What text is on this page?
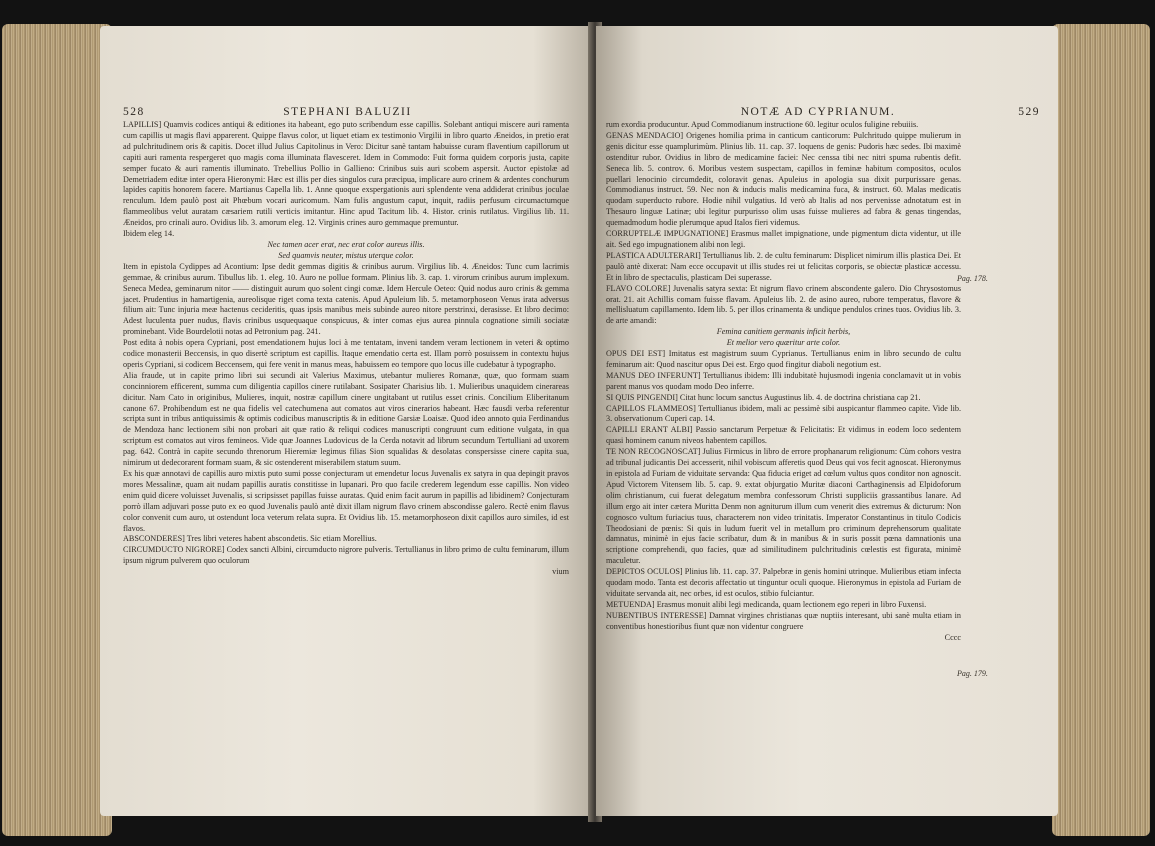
528	STEPHANI BALUZII

LAPILLIS] Quamvis codices antiqui & editiones ita habeant, ego puto scribendum esse capillis. Solebant antiqui miscere auri ramenta cum capillis ut magis flavi apparerent. Quippe flavus color, ut liquet etiam ex testimonio Virgilii in libro quarto Æneidos, in pretio erat ad pulchritudinem oris & capitis. Docet illud Julius Capitolinus in Vero: Dicitur sanè tantam habuisse curam flaventium capillorum ut capiti auri ramenta respergeret quo magis coma illuminata flavesceret. Idem in Commodo: Fuit forma quidem corporis justa, capite semper fucato & auri ramentis illuminato. Trebellius Pollio in Gallieno: Crinibus suis auri scobem aspersit. Auctor epistolæ ad Demetriadem editæ inter opera Hieronymi: Hæc est illis per dies singulos cura præcipua, implicare auro crinem & ardentes conchurum lapides capitis honorem facere. Martianus Capella lib. 1. Anne quoque exspergationis auri splendente vena addiderat crinibus joculae renculum. Idem paulò post ait Phœbum vocari auricomum. Nam fulis angustum caput, inquit, radiis perfusum circumactumque flammeolibus velut auratam cæsariem rutili verticis imitantur. Hinc apud Tacitum lib. 4. Histor. crinis rutilatus. Virgilius lib. 11. Æneidos, pro crinali auro. Ovidius lib. 3. amorum eleg. 12. Virginis crines auro gemmaque premuntur.

Ibidem eleg 14.

Nec tamen acer erat, nec erat color aureus illis.

Sed quamvis neuter, mistus uterque color.

Item in epistola Cydippes ad Acontium: Ipse dedit gemmas digitis & crinibus aurum. Virgilius lib. 4. Æneidos: Tunc cum lacrimis gemmae, & crinibus aurum. Tibullus lib. 1. eleg. 10. Auro ne pollue formam. Plinius lib. 3. cap. 1. virorum crinibus aurum implexum. Seneca Medea, geminarum nitor —— distinguit aurum quo solent cingi comæ. Idem Hercule Oeteo: Quid nodus auro crinis & gemma jacet. Prudentius in hamartigenia, aureolisque riget coma texta catenis. Apud Apuleium lib. 5. metamorphoseon Venus irata adversus filium ait: Tunc injuria meæ hactenus cecideritis, quas ipsis manibus meis subinde aureo nitore perstrinxi, derasisse. Et libro decimo: Adest luculenta puer nudus, flavis crinibus usquequaque conspicuus, & inter comas ejus aurea pinnula cognatione simili sociatæ prominebant. Vide Bourdelotii notas ad Petronium pag. 241.

Post edita à nobis opera Cypriani, post emendationem hujus loci à me tentatam, inveni tandem veram lectionem in veteri & optimo codice monasterii Beccensis, in quo disertè scriptum est capillis. Itaque emendatio certa est. Illam porrò posuissem in contextu hujus operis Cypriani, si codicem Beccensem, qui fere venit in manus meas, habuissem eo tempore quo locus ille cudebatur à typographo.

Alia fraude, ut in capite primo libri sui secundi ait Valerius Maximus, utebantur mulieres Romanæ, quæ, quo formam suam concinniorem efficerent, summa cum diligentia capillos cinere rutilabant. Sosipater Charisius lib. 1. Mulieribus unaquidem cinerareas dicitur. Nam Cato in originibus, Mulieres, inquit, nostræ capillum cinere ungitabant ut rutilus esset crinis. Concilium Eliberitanum canone 67. Prohibendum est ne qua fidelis vel catechumena aut comatos aut viros cinerarios habeant. Hæc fausdi verba referentur scripta sunt in tribus antiquissimis & optimis codicibus manuscriptis & in editione Garsiæ Loaisæ. Quod ideo annoto quia Ferdinandus de Mendoza hanc lectionem sibi non probari ait quæ ratio & reliqui codices manuscripti congruunt cum editione vulgata, in qua scriptum est comatos aut viros femineos. Vide quæ Joannes Ludovicus de la Cerda notavit ad librum secundum Tertulliani ad uxorem pag. 642. Contrà in capite secundo threnorum Hieremiæ legimus filias Sion squalidas & desolatas conspersisse cinere capita sua, nimirum ut dedecorarent formam suam, & sic ostenderent miserabilem statum suum.

Ex his quæ annotavi de capillis auro mixtis puto sumi posse conjecturam ut emendetur locus Juvenalis ex satyra in qua depingit pravos mores Messalinæ, quam ait nudam papillis auratis constitisse in lupanari. Pro quo facile crederem legendum esse capillis. Non video enim quid dicere voluisset Juvenalis, si scripsisset papillas fuisse auratas. Quid enim facit aurum in papillis ad libidinem? Conjecturam porrò illam adjuvari posse puto ex eo quod Juvenalis paulò antè dixit illam nigrum flavo crinem abscondisse galero. Rectè enim flavus color convenit cum auro, ut ostendunt loca veterum relata supra. Et Ovidius lib. 15. metamorphoseon dixit capillos auro similes, id est flavos.

ABSCONDERES] Tres libri veteres habent abscondetis. Sic etiam Morellius.

CIRCUMDUCTO NIGRORE] Codex sancti Albini, circumducto nigrore pulveris. Tertullianus in libro primo de cultu feminarum, illum ipsum nigrum pulverem quo oculorum

vium

NOTÆ AD CYPRIANUM.	529

rum exordia producuntur. Apud Commodianum instructione 60. legitur oculos fuligine rebuiiis.

GENAS MENDACIO] Origenes homilia prima in canticum canticorum: Pulchritudo quippe mulierum in genis dicitur esse quamplurimùm. Plinius lib. 11. cap. 37. loquens de genis: Pudoris hæc sedes. Ibi maximè ostenditur rubor. Ovidius in libro de medicamine faciei: Nec censsa tibi nec nitri spuma rubentis defit. Seneca lib. 5. controv. 6. Moribus vestem suspectam, capillos in feminæ habitum compositos, oculos puellari lenocinio circumdedit, coloravit genas. Apuleius in apologia sua dixit purpurissare genas. Commodianus instruct. 59. Nec non & inducis malis medicamina fuca, & instruct. 60. Malas medicatis quodam superducto rubore. Hodie nihil vulgatius. Id verò ab Italis ad nos pervenisse adnotatum est in Thesauro linguæ Latinæ; ubi legitur purpurisso olim usas fuisse mulieres ad fabra & genas tingendas, quemadmodum hodie plerumque apud Italos fieri videmus.

CORRUPTELÆ IMPUGNATIONE] Erasmus mallet impignatione, unde pigmentum dicta videntur, ut ille ait. Sed ego impugnationem alibi non legi.

PLASTICA ADULTERARI] Tertullianus lib. 2. de cultu feminarum: Displicet nimirum illis plastica Dei. Et paulò antè dixerat: Nam ecce occupavit ut illis studes rei ut felicitas corporis, se obiectæ plasticæ accessu. Et in libro de spectaculis, plasticam Dei superasse.

FLAVO COLORE] Juvenalis satyra sexta: Et nigrum flavo crinem abscondente galero. Dio Chrysostomus orat. 21. ait Achillis comam fuisse flavam. Apuleius lib. 2. de asino aureo, rubore temperatus, flavore & mellisluatum capillamento. Idem lib. 5. per illos crinamenta & undique pendulos crines tuos. Ovidius lib. 3. de arte amandi:

Femina canitiem germanis inficit herbis,

Et melior vero quæritur arte color.

OPUS DEI EST] Imitatus est magistrum suum Cyprianus. Tertullianus enim in libro secundo de cultu feminarum ait: Quod nascitur opus Dei est. Ergo quod fingitur diaboli negotium est.

MANUS DEO INFERUNT] Tertullianus ibidem: Illi indubitatè hujusmodi ingenia conclamavit ut in vobis parent manus vos quodam modo Deo inferre.

SI QUIS PINGENDI] Citat hunc locum sanctus Augustinus lib. 4. de doctrina christiana cap 21.

CAPILLOS FLAMMEOS] Tertullianus ibidem, mali ac pessimè sibi auspicantur flammeo capite. Vide lib. 3. observationum Cuperi cap. 14.

CAPILLI ERANT ALBI] Passio sanctarum Perpetuæ & Felicitatis: Et vidimus in eodem loco sedentem quasi hominem canum niveos habentem capillos.

TE NON RECOGNOSCAT] Julius Firmicus in libro de errore prophanarum religionum: Cùm cohors vestra ad tribunal judicantis Dei accesserit, nihil vobiscum afferetis quod Deus qui vos fecit agnoscat. Hieronymus in epistola ad Furiam de viduitate servanda: Qua fiducia eriget ad cœlum vultus quos conditor non agnoscit. Apud Victorem Vitensem lib. 5. cap. 9. extat objurgatio Muritæ diaconi Carthaginensis ad Elpidoforum olim christianum, cui fuerat delegatum membra confessorum Christi suppliciis grassantibus lanare. Ad illum ergo ait inter cætera Muritta Denm non agniturum illum cum venerit dies extremus & dicturum: Non cognosco vultum furiacius tuus, characterem non video trinitatis. Imperator Constantinus in titulo Codicis Theodosiani de pœnis: Si quis in ludum fuerit vel in metallum pro criminum deprehensorum qualitate damnatus, minimè in ejus facie scribatur, dum & in manibus & in suris possit pœna damnationis una scriptione comprehendi, quo facies, quæ ad similitudinem pulchritudinis cœlestis est figurata, minimè maculetur.

DEPICTOS OCULOS] Plinius lib. 11. cap. 37. Palpebræ in genis homini utrinque. Mulieribus etiam infecta quodam modo. Tanta est decoris affectatio ut tinguntur oculi quoque. Hieronymus in epistola ad Furiam de viduitate servanda ait, nec orbes, id est oculos, stibio fulciantur.

METUENDA] Erasmus monuit alibi legi medicanda, quam lectionem ego reperi in libro Fuxensi.

NUBENTIBUS INTERESSE] Damnat virgines christianas quæ nuptiis interesant, ubi sanè multa etiam in conventibus honestioribus fiunt quæ non videntur congruere

Cccc

Pag. 178.
Pag. 179.
